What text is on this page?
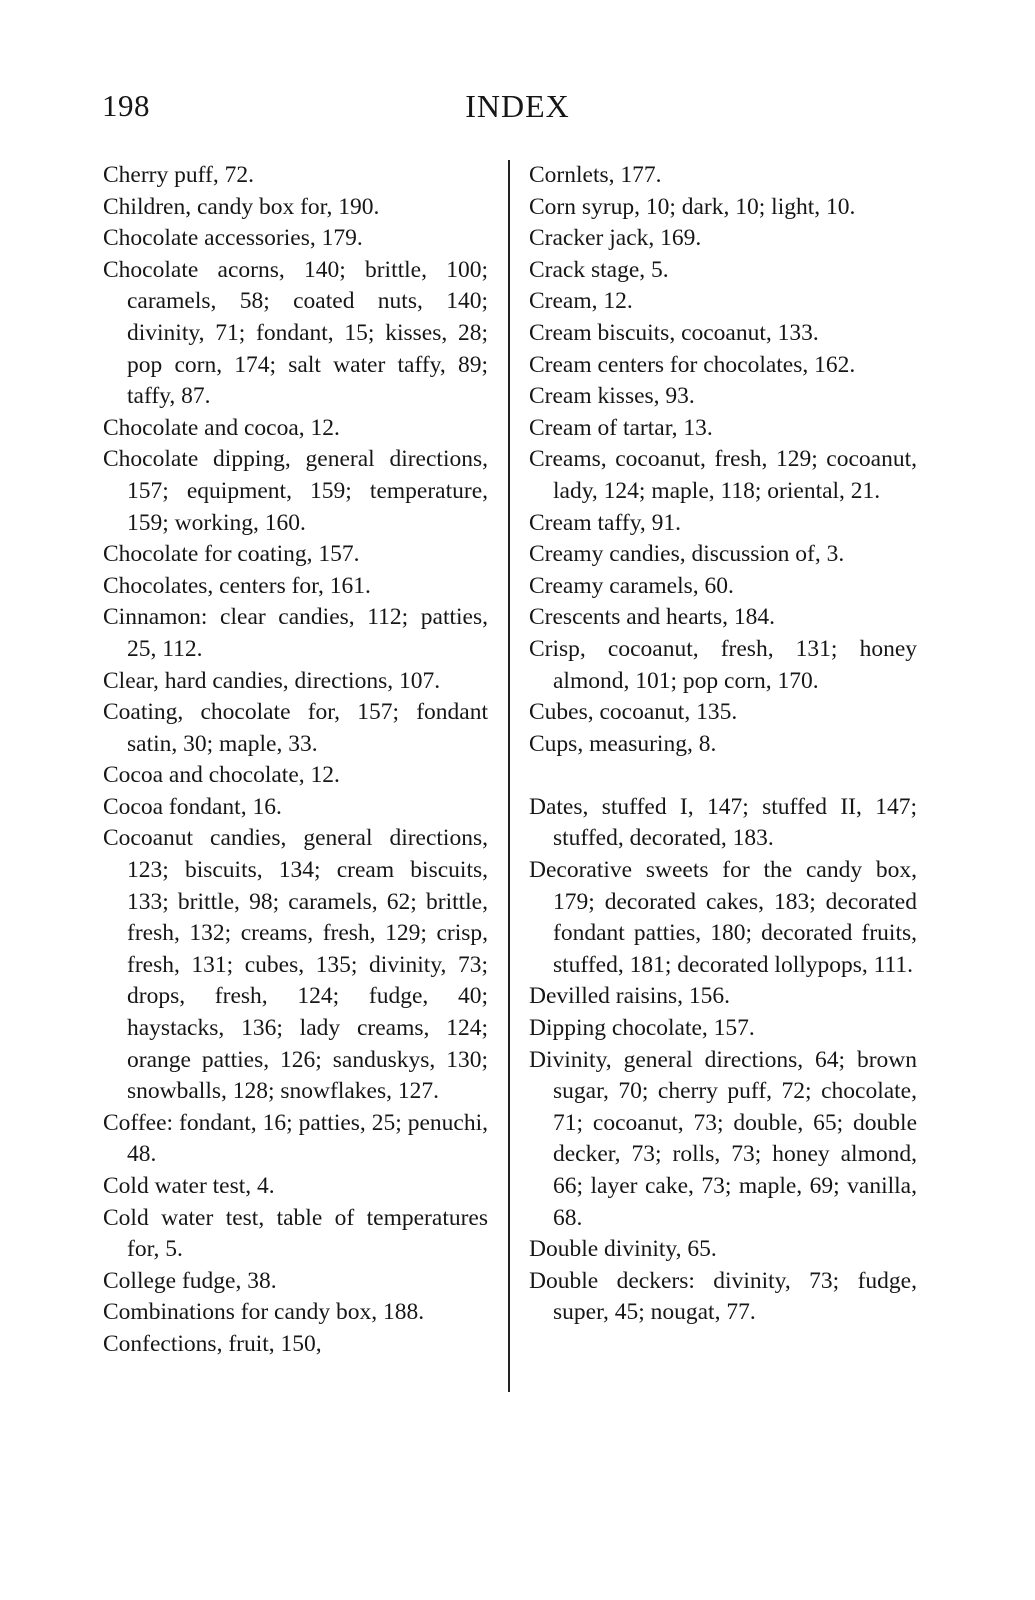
198	INDEX

Cherry puff, 72.

Children, candy box for, 190.

Chocolate accessories, 179.

Chocolate acorns, 140; brittle, 100; caramels, 58; coated nuts, 140; divinity, 71; fondant, 15; kisses, 28; pop corn, 174; salt water taffy, 89; taffy, 87.

Chocolate and cocoa, 12.

Chocolate dipping, general directions, 157; equipment, 159; temperature, 159; working, 160.

Chocolate for coating, 157.

Chocolates, centers for, 161.

Cinnamon: clear candies, 112; patties, 25, 112.

Clear, hard candies, directions, 107.

Coating, chocolate for, 157; fondant satin, 30; maple, 33.

Cocoa and chocolate, 12.

Cocoa fondant, 16.

Cocoanut candies, general directions, 123; biscuits, 134; cream biscuits, 133; brittle, 98; caramels, 62; brittle, fresh, 132; creams, fresh, 129; crisp, fresh, 131; cubes, 135; divinity, 73; drops, fresh, 124; fudge, 40; haystacks, 136; lady creams, 124; orange patties, 126; sanduskys, 130; snowballs, 128; snowflakes, 127.

Coffee: fondant, 16; patties, 25; penuchi, 48.

Cold water test, 4.

Cold water test, table of temperatures for, 5.

College fudge, 38.

Combinations for candy box, 188.

Confections, fruit, 150,

Cornlets, 177.

Corn syrup, 10; dark, 10; light, 10.

Cracker jack, 169.

Crack stage, 5.

Cream, 12.

Cream biscuits, cocoanut, 133.

Cream centers for chocolates, 162.

Cream kisses, 93.

Cream of tartar, 13.

Creams, cocoanut, fresh, 129; cocoanut, lady, 124; maple, 118; oriental, 21.

Cream taffy, 91.

Creamy candies, discussion of, 3.

Creamy caramels, 60.

Crescents and hearts, 184.

Crisp, cocoanut, fresh, 131; honey almond, 101; pop corn, 170.

Cubes, cocoanut, 135.

Cups, measuring, 8.

Dates, stuffed I, 147; stuffed II, 147; stuffed, decorated, 183.

Decorative sweets for the candy box, 179; decorated cakes, 183; decorated fondant patties, 180; decorated fruits, stuffed, 181; decorated lollypops, 111.

Devilled raisins, 156.

Dipping chocolate, 157.

Divinity, general directions, 64; brown sugar, 70; cherry puff, 72; chocolate, 71; cocoanut, 73; double, 65; double decker, 73; rolls, 73; honey almond, 66; layer cake, 73; maple, 69; vanilla, 68.

Double divinity, 65.

Double deckers: divinity, 73; fudge, super, 45; nougat, 77.
